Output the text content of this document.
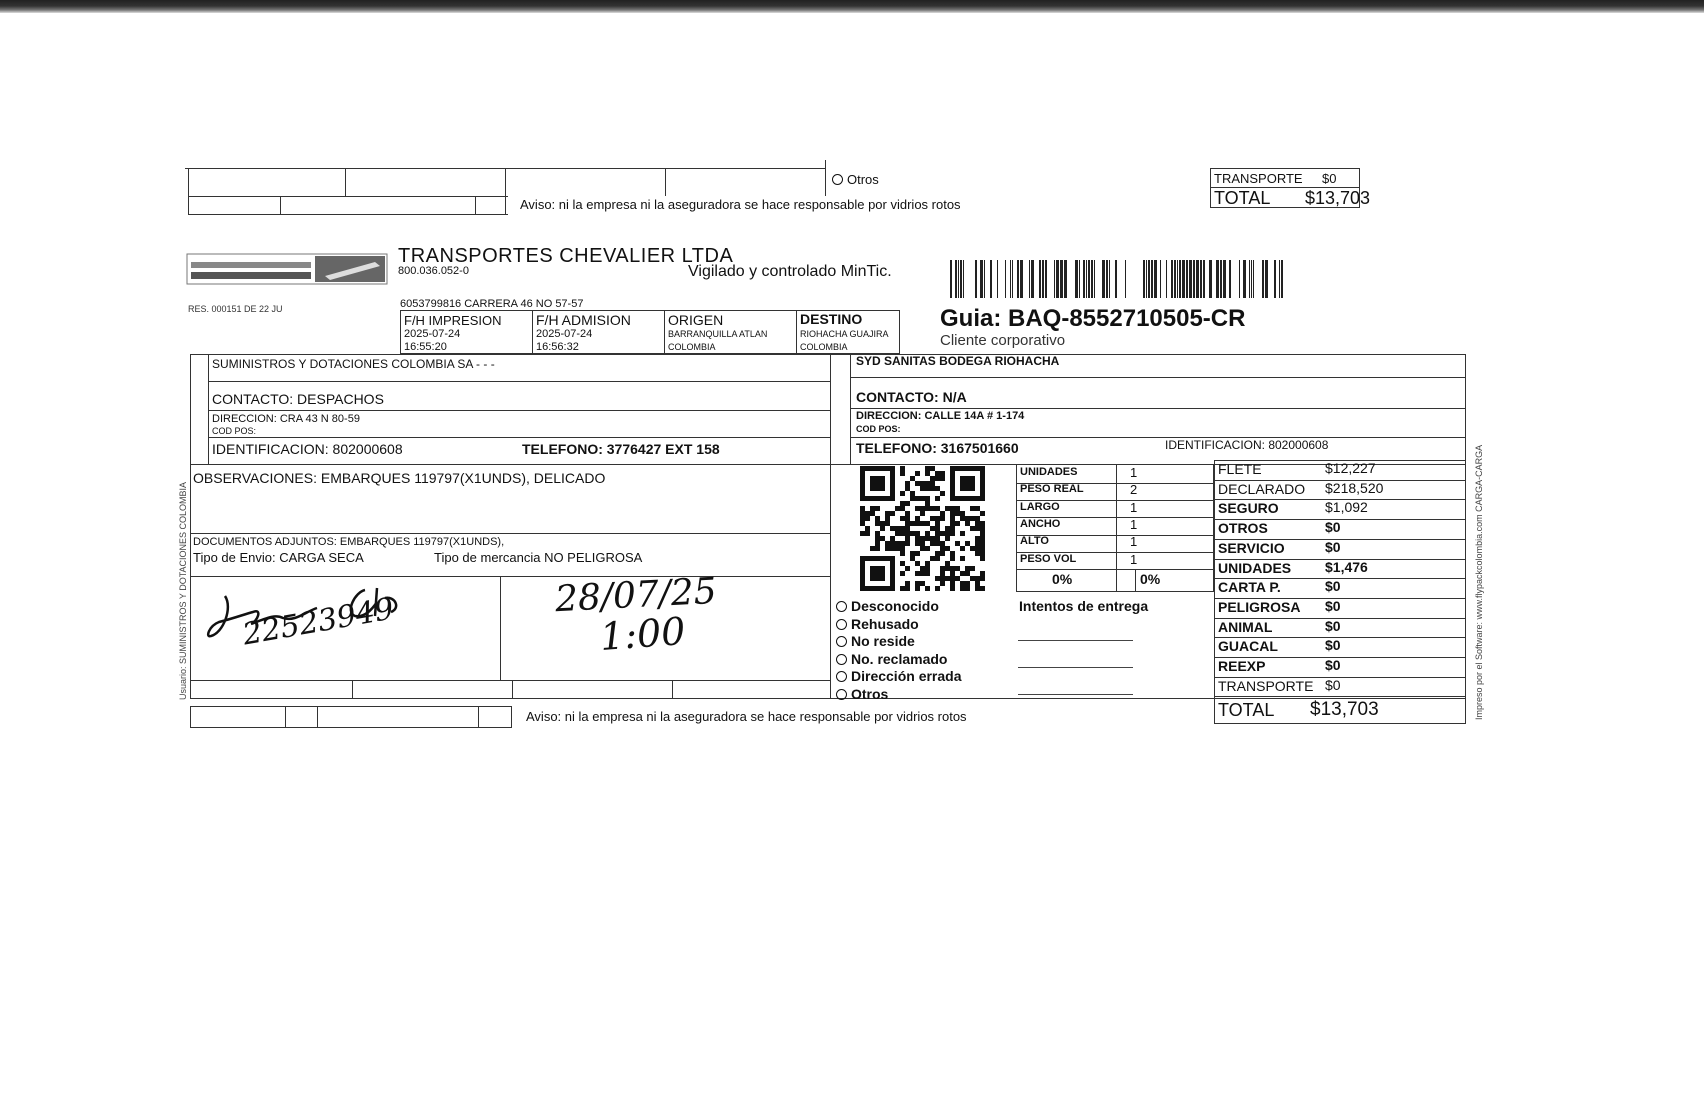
Otros
Aviso: ni la empresa ni la aseguradora se hace responsable por vidrios rotos
TRANSPORTE $0
TOTAL $13,703
TRANSPORTES CHEVALIER LTDA
800.036.052-0	Vigilado y controlado MinTic.
RES. 000151 DE 22 JU	6053799816 CARRERA 46 NO 57-57
F/H IMPRESION
2025-07-24
16:55:20
F/H ADMISION
2025-07-24
16:56:32
ORIGEN
BARRANQUILLA ATLAN
COLOMBIA
DESTINO
RIOHACHA GUAJIRA
COLOMBIA
Guia: BAQ-8552710505-CR
Cliente corporativo
SUMINISTROS Y DOTACIONES COLOMBIA SA - - -
CONTACTO: DESPACHOS
DIRECCION: CRA 43 N 80-59
COD POS:
IDENTIFICACION: 802000608	TELEFONO: 3776427 EXT 158
SYD SANITAS BODEGA RIOHACHA
CONTACTO: N/A
DIRECCION: CALLE 14A # 1-174
COD POS:
TELEFONO: 3167501660	IDENTIFICACION: 802000608
OBSERVACIONES: EMBARQUES 119797(X1UNDS), DELICADO
DOCUMENTOS ADJUNTOS: EMBARQUES 119797(X1UNDS),
Tipo de Envio: CARGA SECA	Tipo de mercancia NO PELIGROSA
22523949	28/07/25
1:00
Aviso: ni la empresa ni la aseguradora se hace responsable por vidrios rotos
UNIDADES	1
PESO REAL	2
LARGO	1
ANCHO	1
ALTO	1
PESO VOL	1
0%	0%
FLETE	$12,227
DECLARADO $218,520
SEGURO	$1,092
OTROS	$0
SERVICIO	$0
UNIDADES $1,476
CARTA P.	$0
PELIGROSA $0
ANIMAL	$0
GUACAL	$0
REEXP	$0
TRANSPORTE $0
TOTAL $13,703
Desconocido
Rehusado
No reside
No. reclamado
Dirección errada
Otros
Intentos de entrega
Usuario: SUMINISTROS Y DOTACIONES COLOMBIA	Impreso por el Software: www.flypackcolombia.com CARGA-CARGA
